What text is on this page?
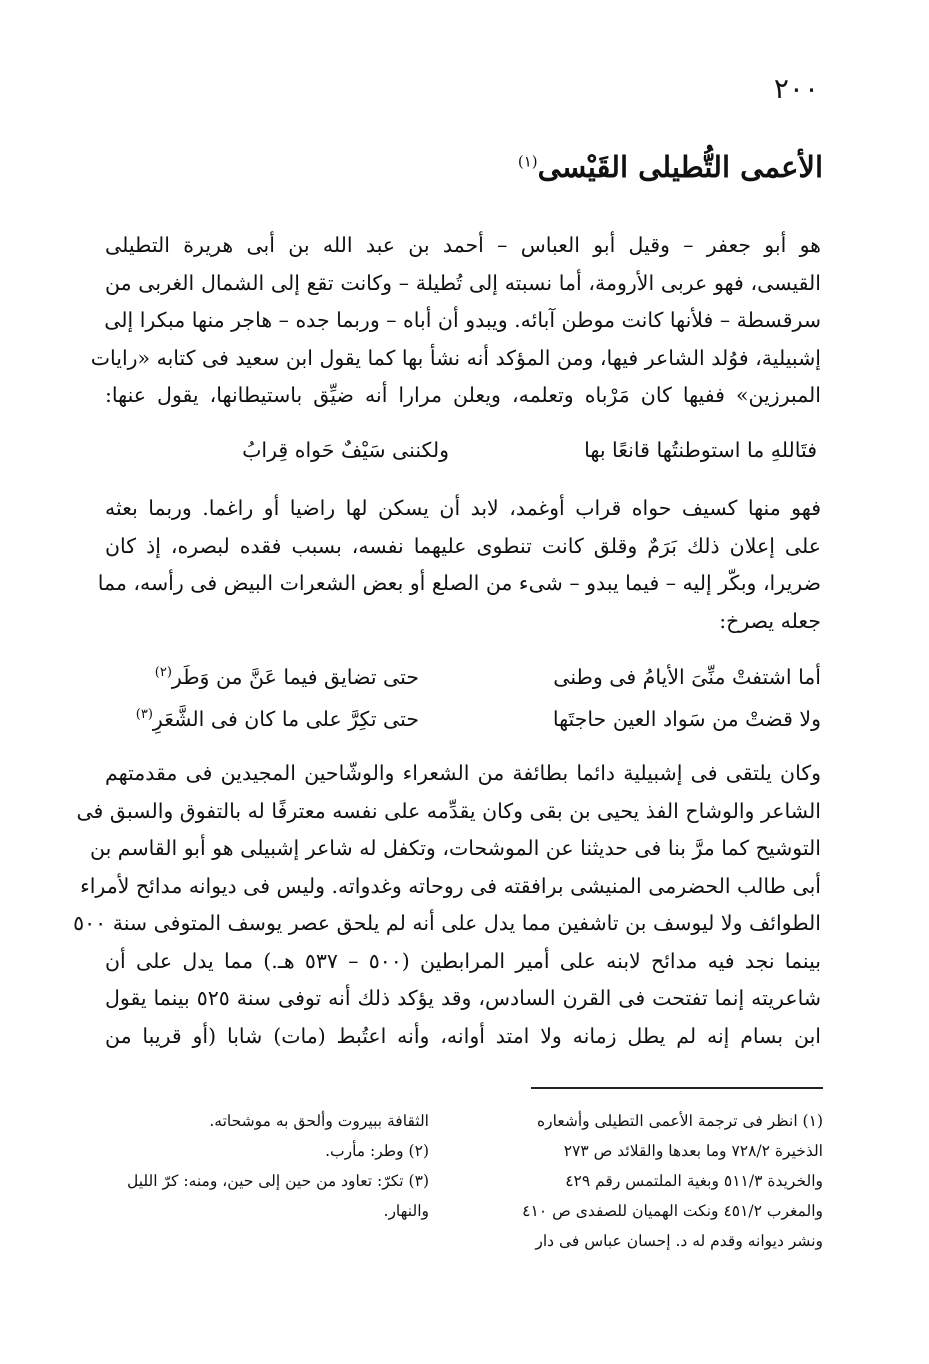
٢٠٠
الأعمى التُّطيلى القَيْسى$^{(١)}$
هو أبو جعفر – وقيل أبو العباس – أحمد بن عبد الله بن أبى هريرة التطيلى
القيسى، فهو عربى الأرومة، أما نسبته إلى تُطيلة – وكانت تقع إلى الشمال الغربى من
سرقسطة – فلأنها كانت موطن آبائه. ويبدو أن أباه – وربما جده – هاجر منها مبكرا إلى
إشبيلية، فوُلد الشاعر فيها، ومن المؤكد أنه نشأ بها كما يقول ابن سعيد فى كتابه «رايات
المبرزين» ففيها كان مَرْباه وتعلمه، ويعلن مرارا أنه ضيِّق باستيطانها، يقول عنها:
فتَاللهِ ما استوطنتُها قانعًا بها
ولكننى سَيْفٌ حَواه قِرابُ
فهو منها كسيف حواه قراب أوغمد، لابد أن يسكن لها راضيا أو راغما. وربما بعثه
على إعلان ذلك بَرَمٌ وقلق كانت تنطوى عليهما نفسه، بسبب فقده لبصره، إذ كان
ضريرا، وبكّر إليه – فيما يبدو – شىء من الصلع أو بعض الشعرات البيض فى رأسه، مما
جعله يصرخ:
أما اشتفتْ منِّىَ الأيامُ فى وطنى
حتى تضايق فيما عَنَّ من وَطَر$^{(٢)}$
ولا قضتْ من سَواد العين حاجتَها
حتى تكِرَّ على ما كان فى الشَّعَرِ$^{(٣)}$
وكان يلتقى فى إشبيلية دائما بطائفة من الشعراء والوشّاحين المجيدين فى مقدمتهم
الشاعر والوشاح الفذ يحيى بن بقى وكان يقدِّمه على نفسه معترفًا له بالتفوق والسبق فى
التوشيح كما مرَّ بنا فى حديثنا عن الموشحات، وتكفل له شاعر إشبيلى هو أبو القاسم بن
أبى طالب الحضرمى المنيشى برافقته فى روحاته وغدواته. وليس فى ديوانه مدائح لأمراء
الطوائف ولا ليوسف بن تاشفين مما يدل على أنه لم يلحق عصر يوسف المتوفى سنة ٥٠٠
بينما نجد فيه مدائح لابنه على أمير المرابطين (٥٠٠ – ٥٣٧ هـ.) مما يدل على أن
شاعريته إنما تفتحت فى القرن السادس، وقد يؤكد ذلك أنه توفى سنة ٥٢٥ بينما يقول
ابن بسام إنه لم يطل زمانه ولا امتد أوانه، وأنه اعتُبط (مات) شابا (أو قريبا من
(١) انظر فى ترجمة الأعمى التطيلى وأشعاره
الذخيرة ٧٢٨/٢ وما بعدها والقلائد ص ٢٧٣
والخريدة ٥١١/٣ وبغية الملتمس رقم ٤٢٩
والمغرب ٤٥١/٢ ونكت الهميان للصفدى ص ٤١٠
ونشر ديوانه وقدم له د. إحسان عباس فى دار
الثقافة ببيروت وألحق به موشحاته.
(٢) وطر: مأرب.
(٣) تكرّ: تعاود من حين إلى حين، ومنه: كرّ الليل
والنهار.
